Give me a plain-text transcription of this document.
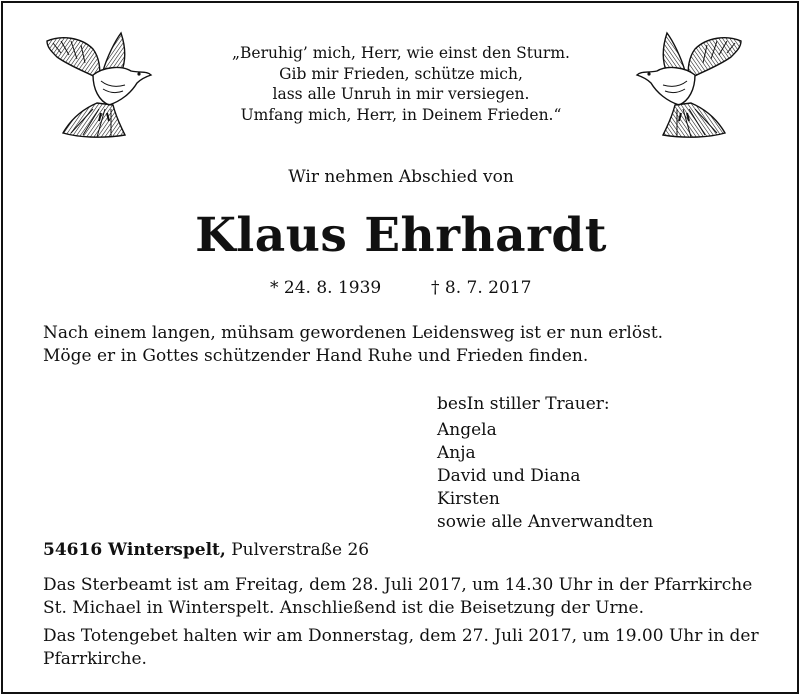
„Beruhig’ mich, Herr, wie einst den Sturm.
Gib mir Frieden, schütze mich,
lass alle Unruh in mir versiegen.
Umfang mich, Herr, in Deinem Frieden.“
Wir nehmen Abschied von
Klaus Ehrhardt
* 24. 8. 1939	† 8. 7. 2017
Nach einem langen, mühsam gewordenen Leidensweg ist er nun erlöst.
Möge er in Gottes schützender Hand Ruhe und Frieden finden.
besIn stiller Trauer:
Angela
Anja
David und Diana
Kirsten
sowie alle Anverwandten
54616 Winterspelt, Pulverstraße 26
Das Sterbeamt ist am Freitag, dem 28. Juli 2017, um 14.30 Uhr in der Pfarrkirche
St. Michael in Winterspelt. Anschließend ist die Beisetzung der Urne.
Das Totengebet halten wir am Donnerstag, dem 27. Juli 2017, um 19.00 Uhr in der
Pfarrkirche.
